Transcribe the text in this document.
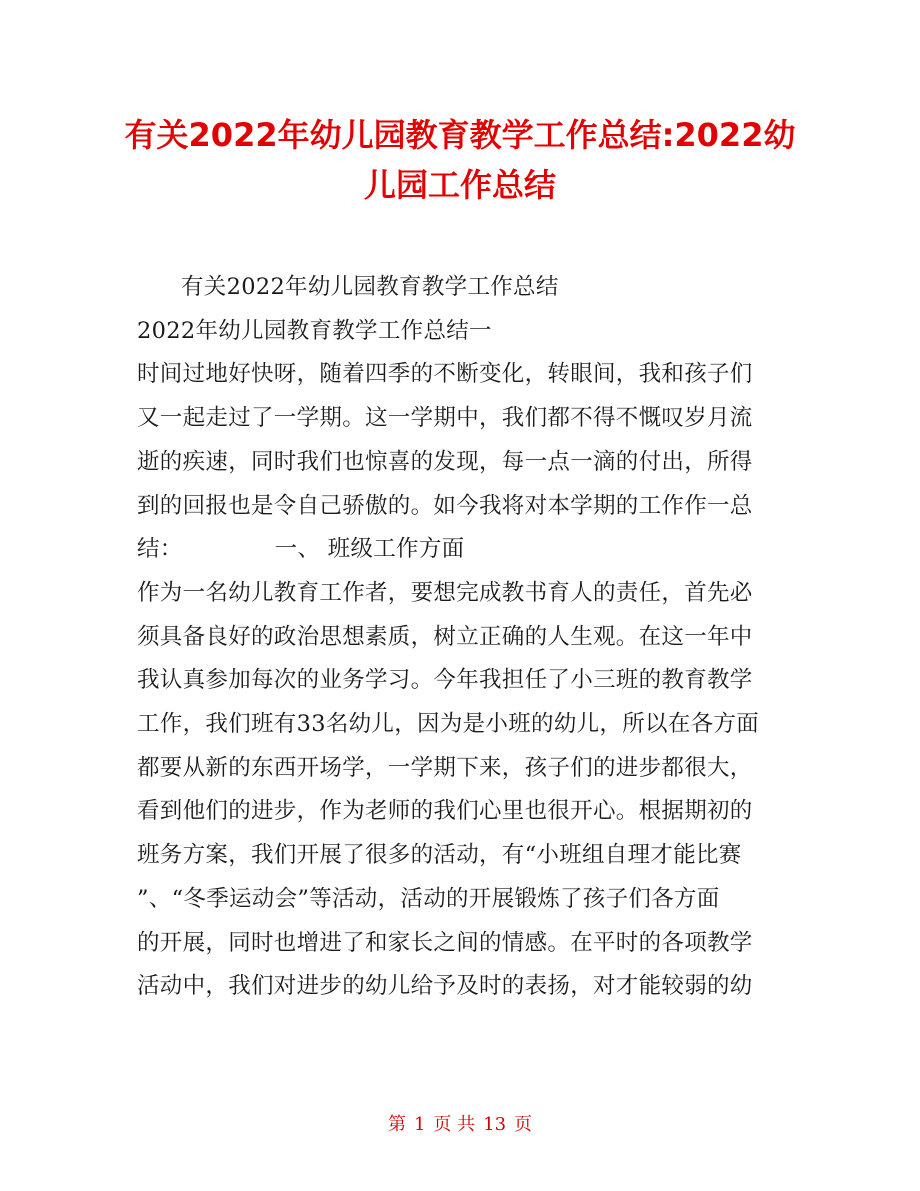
有关2022年幼儿园教育教学工作总结:2022幼
儿园工作总结

有关2022年幼儿园教育教学工作总结

2022年幼儿园教育教学工作总结一

时间过地好快呀，随着四季的不断变化，转眼间，我和孩子们

又一起走过了一学期。这一学期中，我们都不得不慨叹岁月流

逝的疾速，同时我们也惊喜的发现，每一点一滴的付出，所得

到的回报也是令自己骄傲的。如今我将对本学期的工作作一总

结：	一、 班级工作方面

作为一名幼儿教育工作者，要想完成教书育人的责任，首先必

须具备良好的政治思想素质，树立正确的人生观。在这一年中

我认真参加每次的业务学习。今年我担任了小三班的教育教学

工作，我们班有33名幼儿，因为是小班的幼儿，所以在各方面

都要从新的东西开场学，一学期下来，孩子们的进步都很大，

看到他们的进步，作为老师的我们心里也很开心。根据期初的

班务方案，我们开展了很多的活动，有“小班组自理才能比赛

”、“冬季运动会”等活动，活动的开展锻炼了孩子们各方面

的开展，同时也增进了和家长之间的情感。在平时的各项教学

活动中，我们对进步的幼儿给予及时的表扬，对才能较弱的幼

第 1 页 共 13 页
